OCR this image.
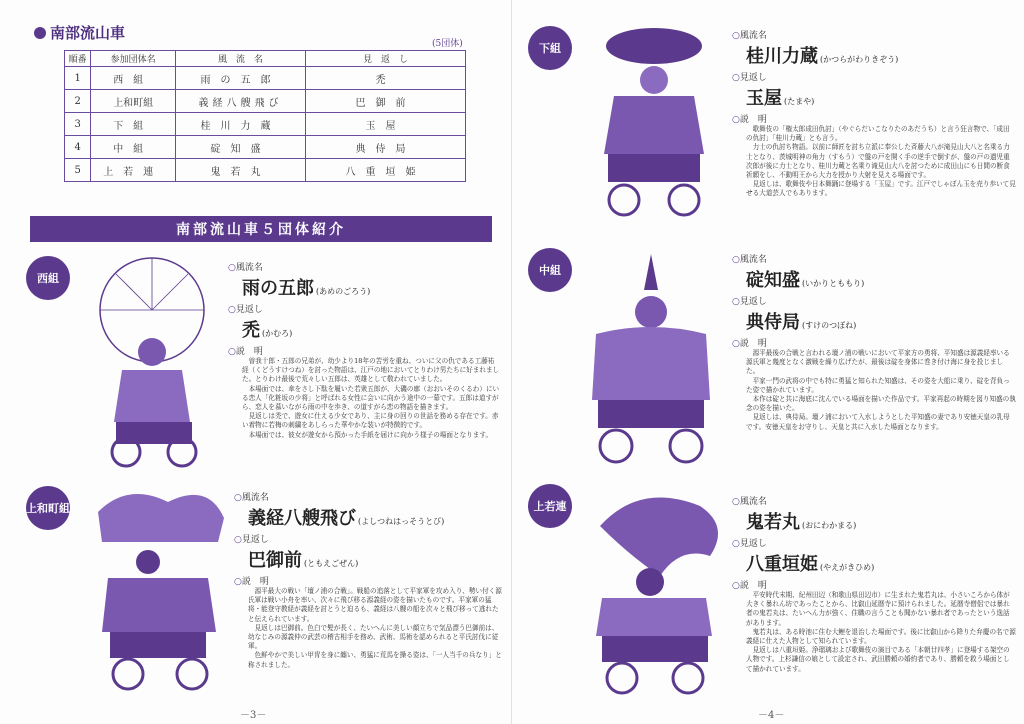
南部流山車
(5団体)
順番	参加団体名	風　流　名	見　返　し
1	西組	雨の五郎	禿
2	上和町組	義経八艘飛び	巴御前
3	下組	桂川力蔵	玉屋
4	中組	碇知盛	典侍局
5	上若連	鬼若丸	八重垣姫
南部流山車５団体紹介
西組
○ 風流名
雨の五郎 (あめのごろう)
○ 見返し
禿 (かむろ)
○ 説　明

曽我十郎・五郎の兄弟が、幼少より18年の苦労を重ね、ついに父の仇である工藤祐経（くどうすけつね）を討った物語は、江戸の地においてとりわけ男たちに好まれました。とりわけ最後で荒々しい五郎は、英雄として敬われていました。

本場面では、傘をさし下駄を履いた若衆五郎が、大磯の廓（おおいそのくるわ）にいる恋人「化粧坂の少将」と呼ばれる女性に会いに向かう途中の一幕です。五郎は道すがら、恋人を慕いながら雨の中を歩き、の道すがら恋の物語を描きます。

見返しは禿で、遊女に仕える少女であり、主に身の回りの世話を務める存在です。赤い着物に若梅の刺繍をあしらった華やかな装いが特徴的です。

本場面では、彼女が遊女から預かった手紙を届けに向かう様子の場面となります。

上和町組
○ 風流名
義経八艘飛び (よしつねはっそうとび)
○ 見返し
巴御前 (ともえごぜん)
○ 説　明

源平最大の戦い「壇ノ浦の合戦」。戦船の追落として平家軍を攻め入り、勢い付く源氏軍は戦い小舟を率い、次々に飛び移る源義経の姿を描いたものです。平家軍の猛将・能登守教経が義経を討とうと迫るも、義経は八艘の船を次々と飛び移って逃れたと伝えられています。

見返しは巴御前。色白で髪が長く、たいへんに美しい顔立ちで気品漂う巴御前は、幼なじみの源義仲の武芸の稽古相手を務め、武術、馬術を認められると平氏討伐に従軍。

色鮮やかで美しい甲冑を身に纏い、勇猛に荒馬を操る姿は、「一人当千の兵なり」と称されました。

－3－
下組
○ 風流名
桂川力蔵 (かつらがわりきぞう)
○ 見返し
玉屋 (たまや)
○ 説　明

歌舞伎の「権太郎成田仇討」（やぐらだいこなりたのあだうち）と言う狂言物で、「成田の仇討」「桂川力蔵」とも言う。

力士の仇討ち物語。以前に師匠を討ち立派に奉公した斉藤大八が滝見山大八と名乗る力士となり、茨城明神の角力（すもう）で盤の戸を開く手の逆手で倒すが、盤の戸の遺児重次郎が後に力士となり、桂川力蔵と名乗り滝見山大八を討つために成田山にも日間の断食祈願をし、不動明王から大力を授かり大射を見える場面です。

見返しは、歌舞伎や日本舞踊に登場する「玉屋」です。江戸でしゃぼん玉を売り歩いて見せる大道芸人でもあります。

中組
○ 風流名
碇知盛 (いかりとももり)
○ 見返し
典侍局 (すけのつぼね)
○ 説　明

源平最後の合戦と言われる壇ノ浦の戦いにおいて平家方の勇将、平知盛は源義経率いる源氏軍と幾度となく激戦を繰り広げたが、最後は碇を身体に巻き付け海に身を投じました。

平家一門の武将の中でも特に勇猛と知られた知盛は、その姿を大船に乗り、碇を背負った姿で描かれています。

本作は碇と共に海底に沈んでいる場面を描いた作品です。平家再起の時期を図り知盛の執念の姿を描いた。

見返しは、典侍局。壇ノ浦において入水しようとした平知盛の妻であり安徳天皇の乳母です。安徳天皇をお守りし、天皇と共に入水した場面となります。

上若連	○ 風流名
鬼若丸 (おにわかまる)
○ 見返し
八重垣姫 (やえがきひめ)
○ 説　明

平安時代末期、紀州田辺（和歌山県田辺市）に生まれた鬼若丸は、小さいころから体が大きく暴れん坊であったことから、比叡山延暦寺に預けられました。延暦寺僧侶では暴れ者の鬼若丸は、たいへん力が強く、住職の言うことも聞かない暴れ者であったという逸話があります。

鬼若丸は、ある時池に住む大鯉を退治した場面です。後に比叡山から降りた弁慶の名で源義経に仕えた人物として知られています。

見返しは八重垣姫。浄瑠璃および歌舞伎の演目である「本朝廿四孝」に登場する架空の人物です。上杉謙信の娘として設定され、武田勝頼の婚約者であり、勝頼を救う場面として描かれています。

－4－
